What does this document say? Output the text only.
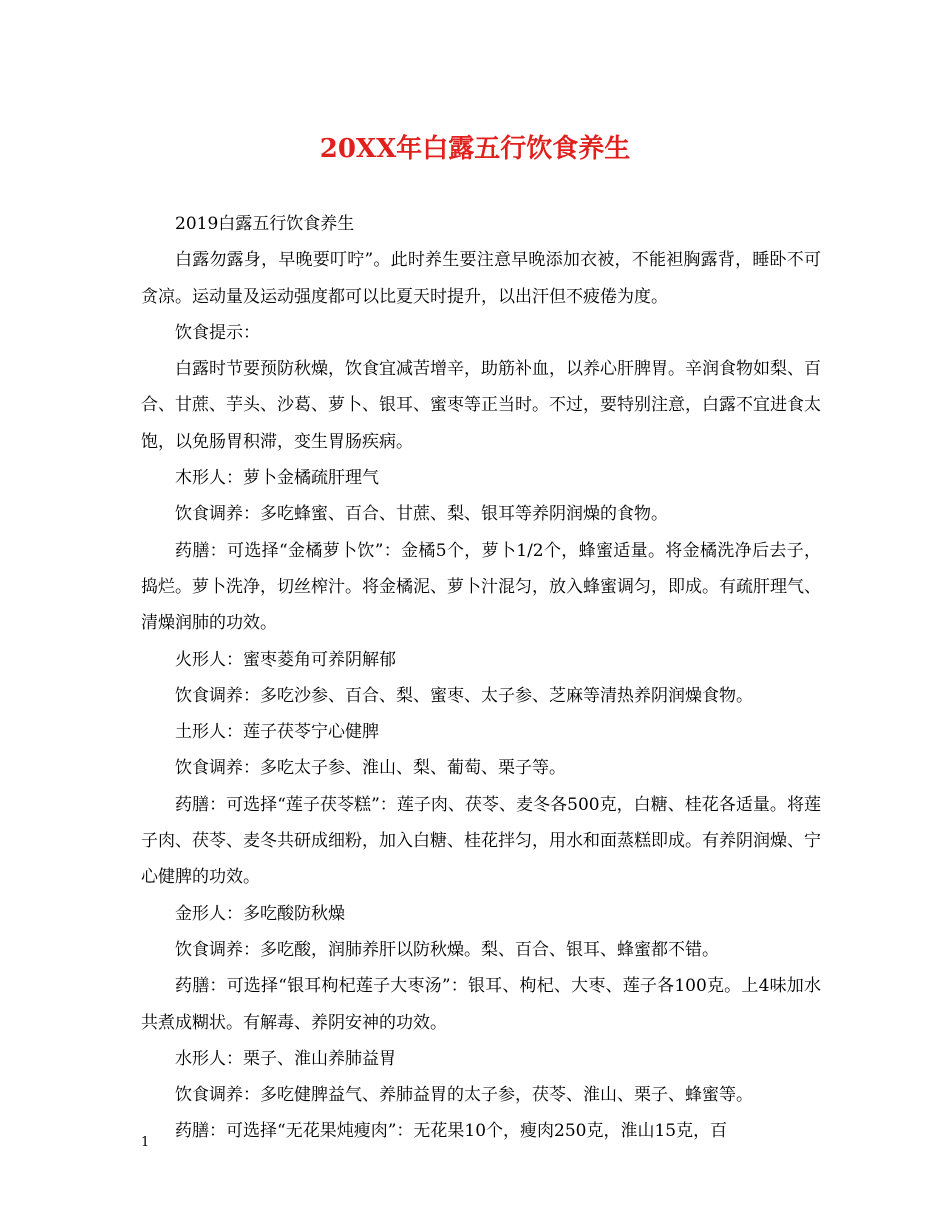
20XX年白露五行饮食养生

2019白露五行饮食养生

白露勿露身，早晚要叮咛”。此时养生要注意早晚添加衣被，不能袒胸露背，睡卧不可贪凉。运动量及运动强度都可以比夏天时提升，以出汗但不疲倦为度。

饮食提示：

白露时节要预防秋燥，饮食宜减苦增辛，助筋补血，以养心肝脾胃。辛润食物如梨、百合、甘蔗、芋头、沙葛、萝卜、银耳、蜜枣等正当时。不过，要特别注意，白露不宜进食太饱，以免肠胃积滞，变生胃肠疾病。

木形人：萝卜金橘疏肝理气

饮食调养：多吃蜂蜜、百合、甘蔗、梨、银耳等养阴润燥的食物。

药膳：可选择“金橘萝卜饮”：金橘5个，萝卜1/2个，蜂蜜适量。将金橘洗净后去子，捣烂。萝卜洗净，切丝榨汁。将金橘泥、萝卜汁混匀，放入蜂蜜调匀，即成。有疏肝理气、清燥润肺的功效。

火形人：蜜枣菱角可养阴解郁

饮食调养：多吃沙参、百合、梨、蜜枣、太子参、芝麻等清热养阴润燥食物。

土形人：莲子茯苓宁心健脾

饮食调养：多吃太子参、淮山、梨、葡萄、栗子等。

药膳：可选择“莲子茯苓糕”：莲子肉、茯苓、麦冬各500克，白糖、桂花各适量。将莲子肉、茯苓、麦冬共研成细粉，加入白糖、桂花拌匀，用水和面蒸糕即成。有养阴润燥、宁心健脾的功效。

金形人：多吃酸防秋燥

饮食调养：多吃酸，润肺养肝以防秋燥。梨、百合、银耳、蜂蜜都不错。

药膳：可选择“银耳枸杞莲子大枣汤”：银耳、枸杞、大枣、莲子各100克。上4味加水共煮成糊状。有解毒、养阴安神的功效。

水形人：栗子、淮山养肺益胃

饮食调养：多吃健脾益气、养肺益胃的太子参，茯苓、淮山、栗子、蜂蜜等。

药膳：可选择“无花果炖瘦肉”：无花果10个，瘦肉250克，淮山15克，百

1
